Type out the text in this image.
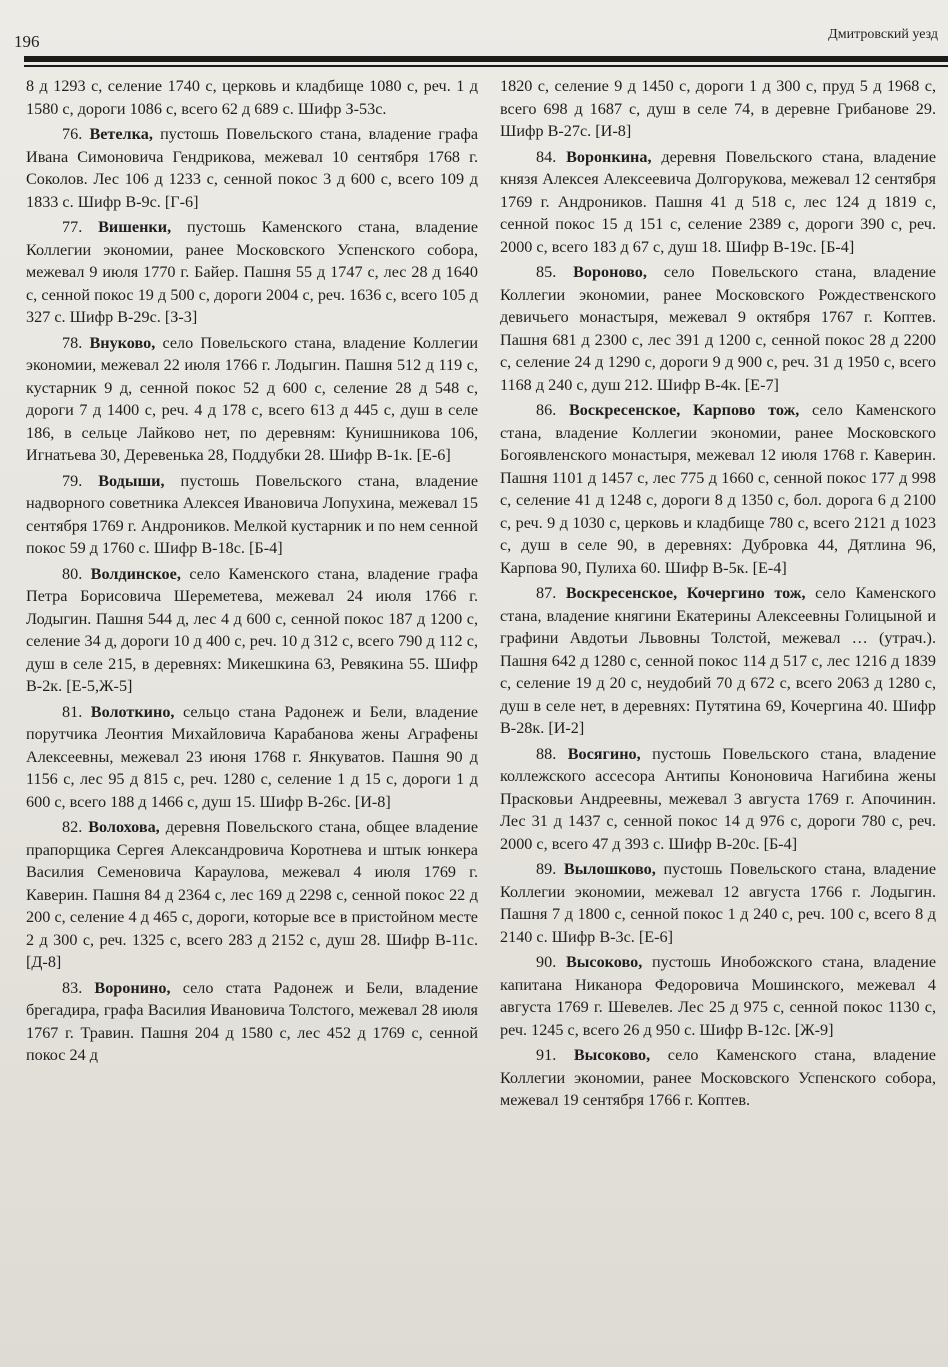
196	Дмитровский уезд

8 д 1293 с, селение 1740 с, церковь и кладбище 1080 с, реч. 1 д 1580 с, дороги 1086 с, всего 62 д 689 с. Шифр З-53с.

76. Ветелка, пустошь Повельского стана, владение графа Ивана Симоновича Гендрикова, межевал 10 сентября 1768 г. Соколов. Лес 106 д 1233 с, сенной покос 3 д 600 с, всего 109 д 1833 с. Шифр В-9с. [Г-6]

77. Вишенки, пустошь Каменского стана, владение Коллегии экономии, ранее Московского Успенского собора, межевал 9 июля 1770 г. Байер. Пашня 55 д 1747 с, лес 28 д 1640 с, сенной покос 19 д 500 с, дороги 2004 с, реч. 1636 с, всего 105 д 327 с. Шифр В-29с. [З-3]

78. Внуково, село Повельского стана, владение Коллегии экономии, межевал 22 июля 1766 г. Лодыгин. Пашня 512 д 119 с, кустарник 9 д, сенной покос 52 д 600 с, селение 28 д 548 с, дороги 7 д 1400 с, реч. 4 д 178 с, всего 613 д 445 с, душ в селе 186, в сельце Лайково нет, по деревням: Кунишникова 106, Игнатьева 30, Деревенька 28, Поддубки 28. Шифр В-1к. [Е-6]

79. Водыши, пустошь Повельского стана, владение надворного советника Алексея Ивановича Лопухина, межевал 15 сентября 1769 г. Андроников. Мелкой кустарник и по нем сенной покос 59 д 1760 с. Шифр В-18с. [Б-4]

80. Волдинское, село Каменского стана, владение графа Петра Борисовича Шереметева, межевал 24 июля 1766 г. Лодыгин. Пашня 544 д, лес 4 д 600 с, сенной покос 187 д 1200 с, селение 34 д, дороги 10 д 400 с, реч. 10 д 312 с, всего 790 д 112 с, душ в селе 215, в деревнях: Микешкина 63, Ревякина 55. Шифр В-2к. [Е-5,Ж-5]

81. Волоткино, сельцо стана Радонеж и Бели, владение порутчика Леонтия Михайловича Карабанова жены Аграфены Алексеевны, межевал 23 июня 1768 г. Янкуватов. Пашня 90 д 1156 с, лес 95 д 815 с, реч. 1280 с, селение 1 д 15 с, дороги 1 д 600 с, всего 188 д 1466 с, душ 15. Шифр В-26с. [И-8]

82. Волохова, деревня Повельского стана, общее владение прапорщика Сергея Александровича Коротнева и штык юнкера Василия Семеновича Караулова, межевал 4 июля 1769 г. Каверин. Пашня 84 д 2364 с, лес 169 д 2298 с, сенной покос 22 д 200 с, селение 4 д 465 с, дороги, которые все в пристойном месте 2 д 300 с, реч. 1325 с, всего 283 д 2152 с, душ 28. Шифр В-11с. [Д-8]

83. Воронино, село стата Радонеж и Бели, владение брегадира, графа Василия Ивановича Толстого, межевал 28 июля 1767 г. Травин. Пашня 204 д 1580 с, лес 452 д 1769 с, сенной покос 24 д

1820 с, селение 9 д 1450 с, дороги 1 д 300 с, пруд 5 д 1968 с, всего 698 д 1687 с, душ в селе 74, в деревне Грибанове 29. Шифр В-27с. [И-8]

84. Воронкина, деревня Повельского стана, владение князя Алексея Алексеевича Долгорукова, межевал 12 сентября 1769 г. Андроников. Пашня 41 д 518 с, лес 124 д 1819 с, сенной покос 15 д 151 с, селение 2389 с, дороги 390 с, реч. 2000 с, всего 183 д 67 с, душ 18. Шифр В-19с. [Б-4]

85. Вороново, село Повельского стана, владение Коллегии экономии, ранее Московского Рождественского девичьего монастыря, межевал 9 октября 1767 г. Коптев. Пашня 681 д 2300 с, лес 391 д 1200 с, сенной покос 28 д 2200 с, селение 24 д 1290 с, дороги 9 д 900 с, реч. 31 д 1950 с, всего 1168 д 240 с, душ 212. Шифр В-4к. [Е-7]

86. Воскресенское, Карпово тож, село Каменского стана, владение Коллегии экономии, ранее Московского Богоявленского монастыря, межевал 12 июля 1768 г. Каверин. Пашня 1101 д 1457 с, лес 775 д 1660 с, сенной покос 177 д 998 с, селение 41 д 1248 с, дороги 8 д 1350 с, бол. дорога 6 д 2100 с, реч. 9 д 1030 с, церковь и кладбище 780 с, всего 2121 д 1023 с, душ в селе 90, в деревнях: Дубровка 44, Дятлина 96, Карпова 90, Пулиха 60. Шифр В-5к. [Е-4]

87. Воскресенское, Кочергино тож, село Каменского стана, владение княгини Екатерины Алексеевны Голицыной и графини Авдотьи Львовны Толстой, межевал … (утрач.). Пашня 642 д 1280 с, сенной покос 114 д 517 с, лес 1216 д 1839 с, селение 19 д 20 с, неудобий 70 д 672 с, всего 2063 д 1280 с, душ в селе нет, в деревнях: Путятина 69, Кочергина 40. Шифр В-28к. [И-2]

88. Восягино, пустошь Повельского стана, владение коллежского ассесора Антипы Кононовича Нагибина жены Прасковьи Андреевны, межевал 3 августа 1769 г. Апочинин. Лес 31 д 1437 с, сенной покос 14 д 976 с, дороги 780 с, реч. 2000 с, всего 47 д 393 с. Шифр В-20с. [Б-4]

89. Вылошково, пустошь Повельского стана, владение Коллегии экономии, межевал 12 августа 1766 г. Лодыгин. Пашня 7 д 1800 с, сенной покос 1 д 240 с, реч. 100 с, всего 8 д 2140 с. Шифр В-3с. [Е-6]

90. Высоково, пустошь Инобожского стана, владение капитана Никанора Федоровича Мошинского, межевал 4 августа 1769 г. Шевелев. Лес 25 д 975 с, сенной покос 1130 с, реч. 1245 с, всего 26 д 950 с. Шифр В-12с. [Ж-9]

91. Высоково, село Каменского стана, владение Коллегии экономии, ранее Московского Успенского собора, межевал 19 сентября 1766 г. Коптев.
